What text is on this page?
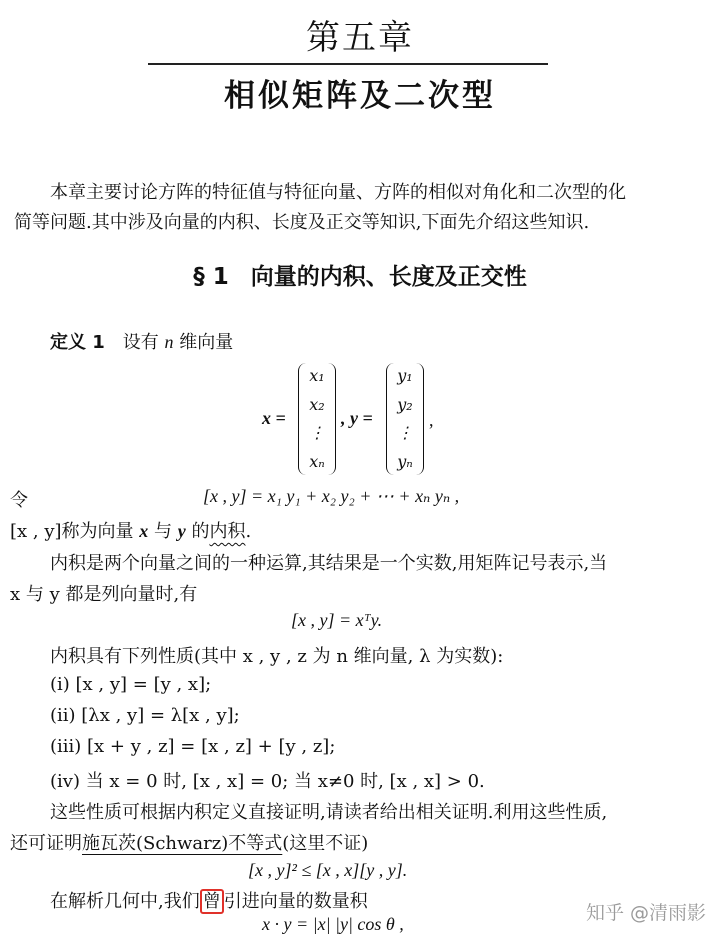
第五章
相似矩阵及二次型
本章主要讨论方阵的特征值与特征向量、方阵的相似对角化和二次型的化
简等问题.其中涉及向量的内积、长度及正交等知识,下面先介绍这些知识.
§ 1 向量的内积、长度及正交性
定义 1 设有 n 维向量
x =
x₁
x₂
⋮
xₙ
, y =
y₁
y₂
⋮
yₙ
,
令	[x , y] = x₁ y₁ + x₂ y₂ + ⋯ + xₙ yₙ ,
[x , y]称为向量 x 与 y 的内积.
内积是两个向量之间的一种运算,其结果是一个实数,用矩阵记号表示,当
x 与 y 都是列向量时,有
[x , y] = xᵀy.
内积具有下列性质(其中 x , y , z 为 n 维向量, λ 为实数):
(i) [x , y] = [y , x];
(ii) [λx , y] = λ[x , y];
(iii) [x + y , z] = [x , z] + [y , z];
(iv) 当 x = 0 时, [x , x] = 0; 当 x≠0 时, [x , x] > 0.
这些性质可根据内积定义直接证明,请读者给出相关证明.利用这些性质,
还可证明施瓦茨(Schwarz)不等式(这里不证)
[x , y]² ≤ [x , x][y , y].
在解析几何中,我们 曾 引进向量的数量积
x · y = |x| |y| cos θ ,	知乎 @清雨影
